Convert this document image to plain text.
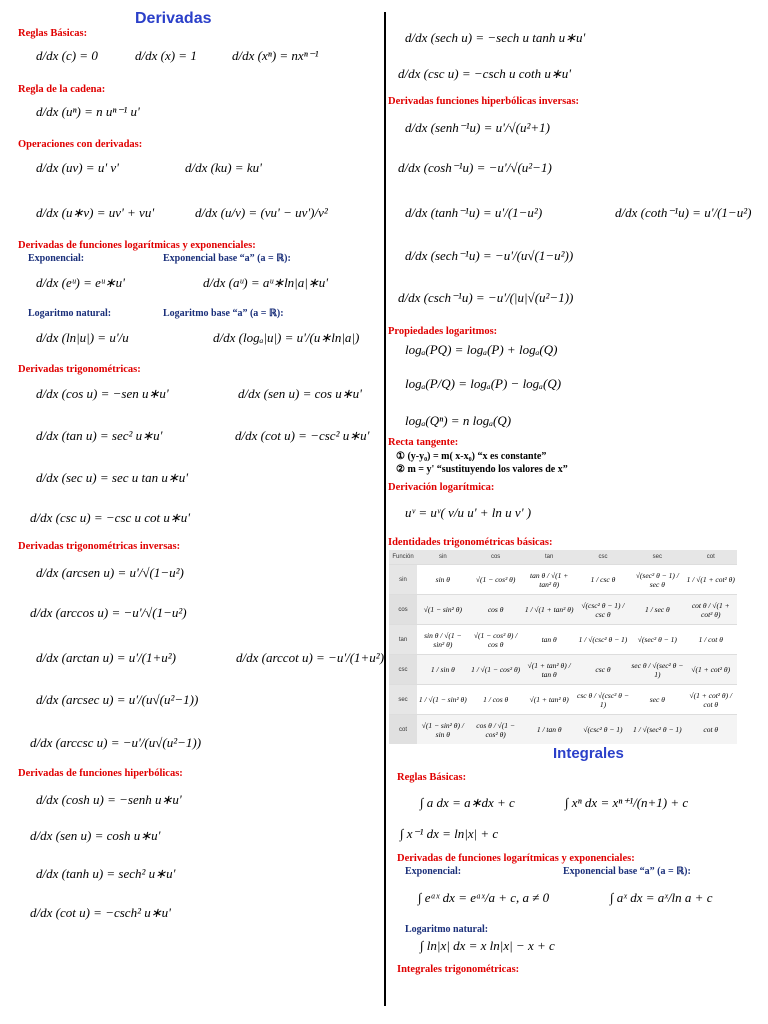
Derivadas
Reglas Básicas:
d/dx (c) = 0	d/dx (x) = 1	d/dx (xⁿ) = nxⁿ⁻¹
Regla de la cadena:
d/dx (uⁿ) = n uⁿ⁻¹ u'
Operaciones con derivadas:
d/dx (uv) = u' v'	d/dx (ku) = ku'
d/dx (u∗v) = uv' + vu'	d/dx (u/v) = (vu' − uv')/v²
Derivadas de funciones logarítmicas y exponenciales:
Exponencial:	Exponencial base “a” (a = ℝ):
d/dx (eᵘ) = eᵘ∗u'	d/dx (aᵘ) = aᵘ∗ln|a|∗u'
Logaritmo natural:	Logaritmo base “a” (a = ℝ):
d/dx (ln|u|) = u'/u	d/dx (logₐ|u|) = u'/(u∗ln|a|)
Derivadas trigonométricas:
d/dx (cos u) = −sen u∗u'	d/dx (sen u) = cos u∗u'
d/dx (tan u) = sec² u∗u'	d/dx (cot u) = −csc² u∗u'
d/dx (sec u) = sec u tan u∗u'
d/dx (csc u) = −csc u cot u∗u'
Derivadas trigonométricas inversas:
d/dx (arcsen u) = u'/√(1−u²)
d/dx (arccos u) = −u'/√(1−u²)
d/dx (arctan u) = u'/(1+u²)	d/dx (arccot u) = −u'/(1+u²)
d/dx (arcsec u) = u'/(u√(u²−1))
d/dx (arccsc u) = −u'/(u√(u²−1))
Derivadas de funciones hiperbólicas:
d/dx (cosh u) = −senh u∗u'
d/dx (sen u) = cosh u∗u'
d/dx (tanh u) = sech² u∗u'
d/dx (cot u) = −csch² u∗u'
d/dx (sech u) = −sech u tanh u∗u'
d/dx (csc u) = −csch u coth u∗u'
Derivadas funciones hiperbólicas inversas:
d/dx (senh⁻¹u) = u'/√(u²+1)
d/dx (cosh⁻¹u) = −u'/√(u²−1)
d/dx (tanh⁻¹u) = u'/(1−u²)	d/dx (coth⁻¹u) = u'/(1−u²)
d/dx (sech⁻¹u) = −u'/(u√(1−u²))
d/dx (csch⁻¹u) = −u'/(|u|√(u²−1))
Propiedades logaritmos:
logₐ(PQ) = logₐ(P) + logₐ(Q)
logₐ(P/Q) = logₐ(P) − logₐ(Q)
logₐ(Qⁿ) = n logₐ(Q)
Recta tangente:
① (y-y₀) = m( x-x₀) “x es constante”
② m = y' “sustituyendo los valores de x”
Derivación logarítmica:
uᵛ = uᵛ( v/u u' + ln u v' )
Identidades trigonométricas básicas:
Función	sin	cos	tan	csc	sec	cot
sin	sin θ	√(1 − cos² θ)	tan θ / √(1 + tan² θ)	1 / csc θ	√(sec² θ − 1) / sec θ	1 / √(1 + cot² θ)
cos	√(1 − sin² θ)	cos θ	1 / √(1 + tan² θ)	√(csc² θ − 1) / csc θ	1 / sec θ	cot θ / √(1 + cot² θ)
tan	sin θ / √(1 − sin² θ)	√(1 − cos² θ) / cos θ	tan θ	1 / √(csc² θ − 1)	√(sec² θ − 1)	1 / cot θ
csc	1 / sin θ	1 / √(1 − cos² θ)	√(1 + tan² θ) / tan θ	csc θ	sec θ / √(sec² θ − 1)	√(1 + cot² θ)
sec	1 / √(1 − sin² θ)	1 / cos θ	√(1 + tan² θ)	csc θ / √(csc² θ − 1)	sec θ	√(1 + cot² θ) / cot θ
cot	√(1 − sin² θ) / sin θ	cos θ / √(1 − cos² θ)	1 / tan θ	√(csc² θ − 1)	1 / √(sec² θ − 1)	cot θ
Integrales
Reglas Básicas:
∫ a dx = a∗dx + c	∫ xⁿ dx = xⁿ⁺¹/(n+1) + c
∫ x⁻¹ dx = ln|x| + c
Derivadas de funciones logarítmicas y exponenciales:
Exponencial:	Exponencial base “a” (a = ℝ):
∫ eᵃˣ dx = eᵃˣ/a + c, a ≠ 0	∫ aˣ dx = aˣ/ln a + c
Logaritmo natural:
∫ ln|x| dx = x ln|x| − x + c
Integrales trigonométricas:
